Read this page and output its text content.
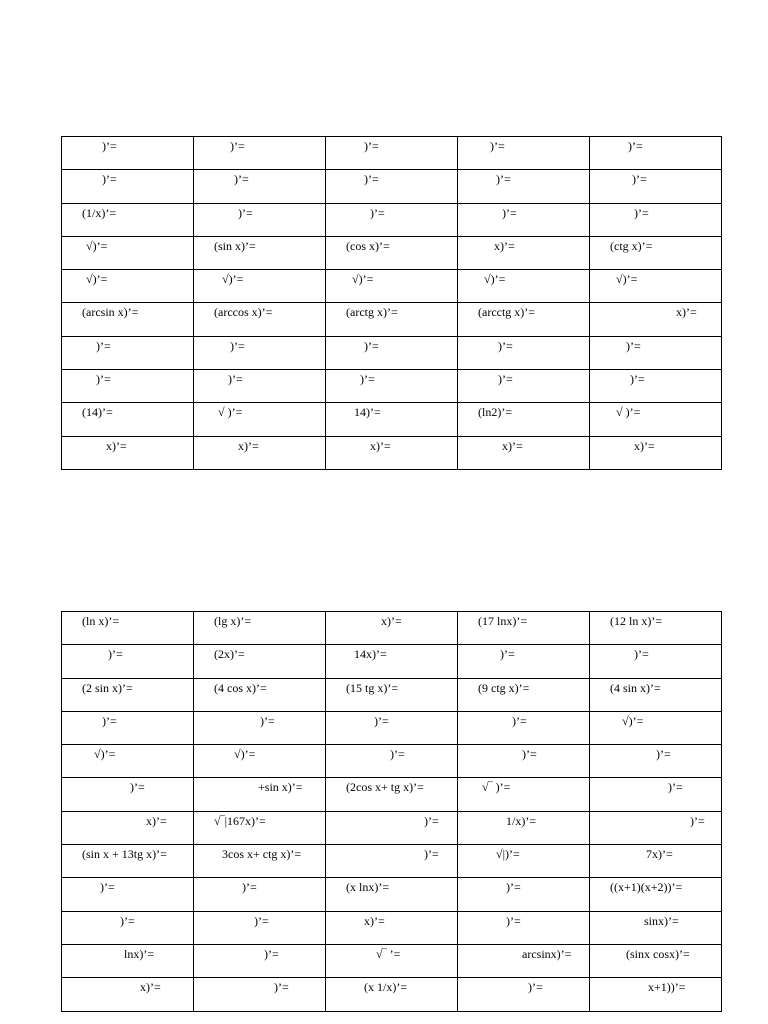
)’=	)’=	)’=	)’=	)’=

)’=	)’=	)’=	)’=	)’=

(1/x)’=	)’=	)’=	)’=	)’=

√)’=	(sin x)’=	(cos x)’=	x)’=	(ctg x)’=

√)’=	√)’=	√)’=	√)’=	√)’=

(arcsin x)’=	(arccos x)’=	(arctg x)’=	(arcctg x)’=	x)’=

)’=	)’=	)’=	)’=	)’=

)’=	)’=	)’=	)’=	)’=

(14)’=	√ )’=	14)’=	(ln2)’=	√ )’=

x)’=	x)’=	x)’=	x)’=	x)’=
(ln x)’=	(lg x)’=	x)’=	(17 lnx)’=	(12 ln x)’=

)’=	(2x)’=	14x)’=	)’=	)’=

(2 sin x)’=	(4 cos x)’=	(15 tg x)’=	(9 ctg x)’=	(4 sin x)’=

)’=	)’=	)’=	)’=	√)’=

√)’=	√)’=	)’=	)’=	)’=

)’=	+sin x)’=	(2cos x+ tg x)’=	√‾ )’=	)’=

x)’=	√‾|167x)’=	)’=	1/x)’=	)’=

(sin x + 13tg x)’=	3cos x+ ctg x)’=	)’=	√|)’=	7x)’=

)’=	)’=	(x lnx)’=	)’=	((x+1)(x+2))’=

)’=	)’=	x)’=	)’=	sinx)’=

lnx)’=	)’=	√‾ ’=	arcsinx)’=	(sinx cosx)’=

x)’=	)’=	(x 1/x)’=	)’=	x+1))’=
